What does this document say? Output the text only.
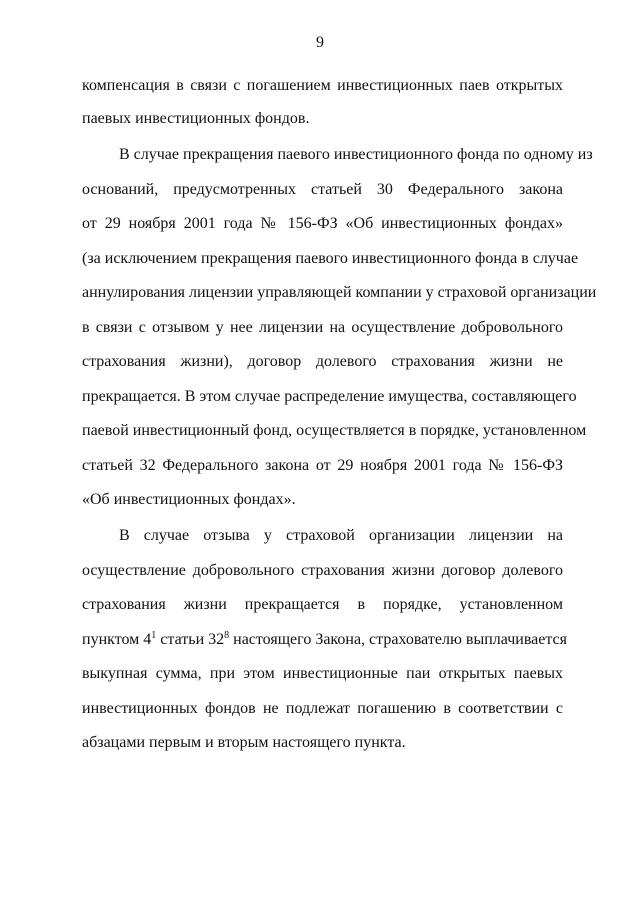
9
компенсация в связи с погашением инвестиционных паев открытых
паевых инвестиционных фондов.
В случае прекращения паевого инвестиционного фонда по одному из
оснований, предусмотренных статьей 30 Федерального закона
от 29 ноября 2001 года № 156-ФЗ «Об инвестиционных фондах»
(за исключением прекращения паевого инвестиционного фонда в случае
аннулирования лицензии управляющей компании у страховой организации
в связи с отзывом у нее лицензии на осуществление добровольного
страхования жизни), договор долевого страхования жизни не
прекращается. В этом случае распределение имущества, составляющего
паевой инвестиционный фонд, осуществляется в порядке, установленном
статьей 32 Федерального закона от 29 ноября 2001 года № 156-ФЗ
«Об инвестиционных фондах».
В случае отзыва у страховой организации лицензии на
осуществление добровольного страхования жизни договор долевого
страхования жизни прекращается в порядке, установленном
пунктом $4^1$ статьи $32^8$ настоящего Закона, страхователю выплачивается
выкупная сумма, при этом инвестиционные паи открытых паевых
инвестиционных фондов не подлежат погашению в соответствии с
абзацами первым и вторым настоящего пункта.
